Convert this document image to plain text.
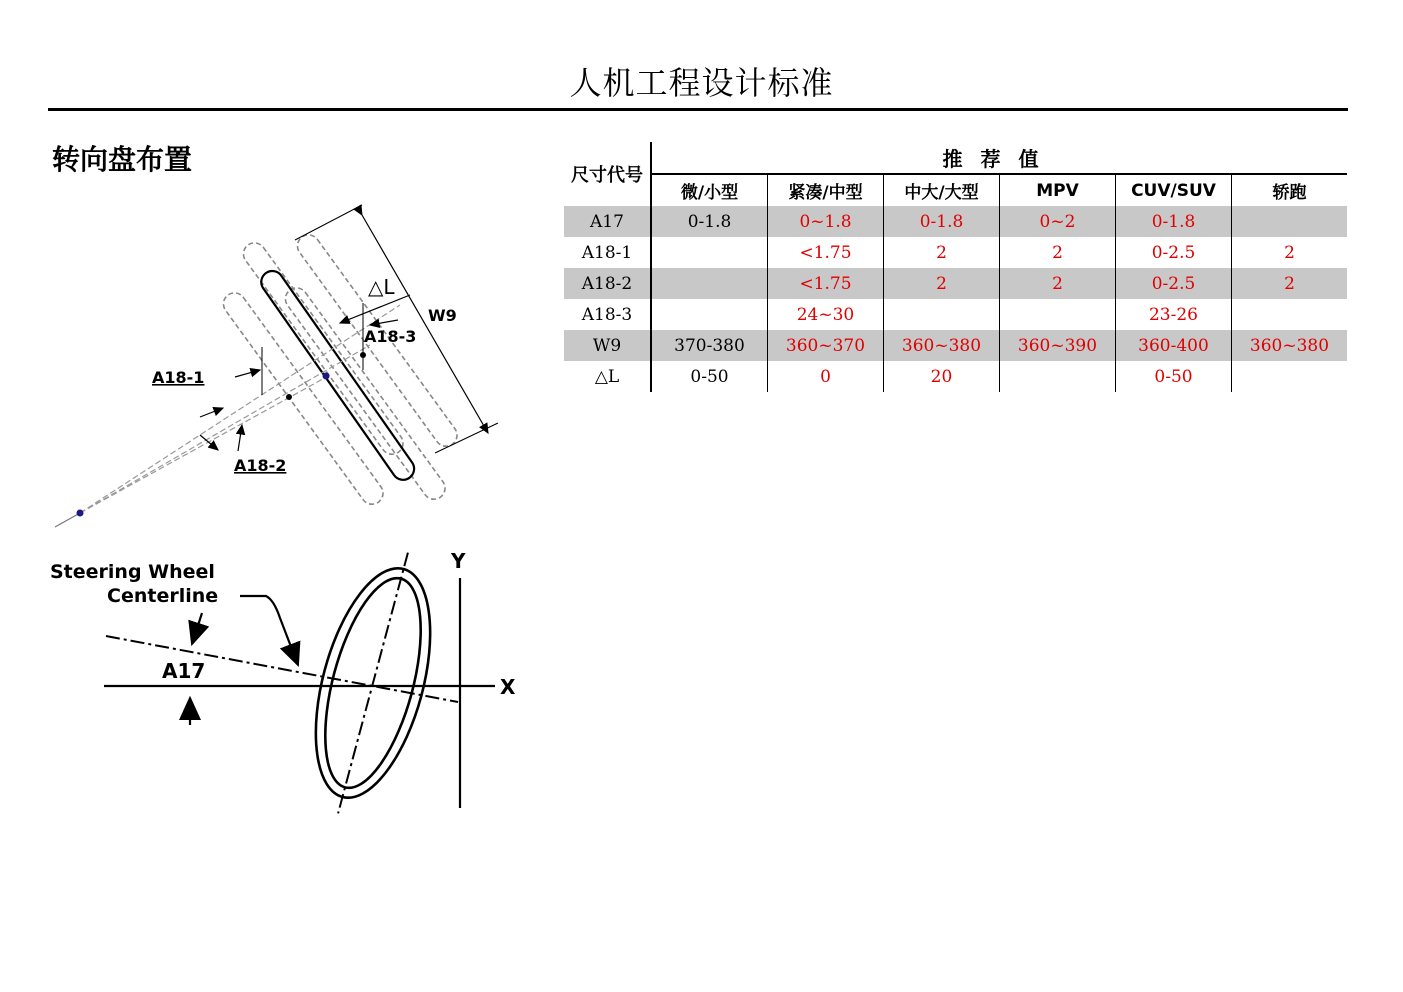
人机工程设计标准
转向盘布置
W9
△L
A18-3
A18-1
A18-2
X
Y
Steering Wheel
Centerline
A17
尺寸代号	推荐值					
	微/小型	紧凑/中型	中大/大型	MPV	CUV/SUV	轿跑
A17	0-1.8	0~1.8	0-1.8	0~2	0-1.8	
A18-1		<1.75	2	2	0-2.5	2
A18-2		<1.75	2	2	0-2.5	2
A18-3		24~30			23-26	
W9	370-380	360~370	360~380	360~390	360-400	360~380
△L	0-50	0	20		0-50	
